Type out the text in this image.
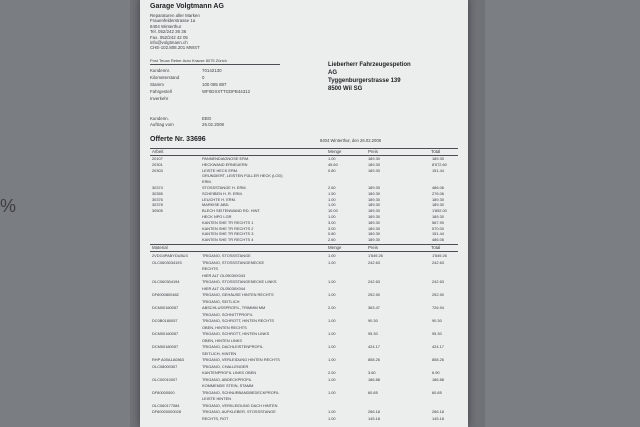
%
Garage Volgtmann AG
Reparaturen aller Marken
Frauenfelderstrasse 1a
8404 Winterthur
Tel. 052/242 36 36
Fax. 052/242 42 05
info@volgtmann.ch
CHE-102.808.201 MWST
Post Teuax Reber Auto Krause 8075 Zürich
Kundennr.	70142130
Kilometerstand	0
Stamm	100 085 887
Fahrgestell	WF0DXXTTGDFB44312
Inverkehr
Lieberherr Fahrzeugespetion
AG
Tyggenburgerstrasse 139
8500 Wil SG
Kundenn.	EBO
Auftrag vom	26.02.2008
Offerte Nr. 33696	8404 Winterthur, den 26.02.2008
Arbeit	Menge	Preis	Total
20107	PANNENDIAGNOSE ERM.	1.00	189.30	189.30
20301	HECKWAND ERNEUERN	45.60	189.30	8'572.60
20303	LEISTE HECK ERM.	0.80	189.30	151.44
GRUNDIERT, LEISTEN FÜLLER HECK (LOD)
ERM.
30374	STOSSSTANGE H. ERM.	2.60	189.30	486.06
30355	SCHEIBEN H. R. ERM.	1.50	189.30	276.06
30376	LEUCHTE H. ERM.	1.00	189.30	189.30
30378	MARKISE ABD.	1.00	189.30	189.30
30505	BLECH SEITENWAND RD. HINT.	10.00	189.30	1'892.00
HECK NPO LGR	1.00	189.30	189.30
KANTEN SHE TR RECHTS 1	3.00	189.30	567.90
KANTEN SHE TR RECHTS 2	3.00	189.30	570.00
KANTEN SHE TR RECHTS 3	0.80	189.30	151.44
KANTEN SHE TR RECHTS 4	2.60	189.30	486.06
Material	Menge	Preis	Total
2VDG4PABYDU8U3	TRIGANO, STOSSSTANGE	1.00	1'549.26	1'549.26
OLC0603034193	TRIGANO, STOSSSTANGENECKE	1.00	242.63	242.63
RECHTS
HIER ALT OL05030X043
OLC060304194	TRIGANO, STOSSSTANGENECKE LINKS	1.00	242.63	242.63
HIER ALT OL05030X044
DF8000800482	TRIGANO, GEHÄUSE HINTEN RECHTS	1.00	252.50	252.50
TRIGANO, SEITLICH
DCM00160057	ABSCHLUSSPROFIL, TRIMMM MM	2.00	363.47	726.94
TRIGANO, SCHNITTPROFIL
DC0B0180057	TRIGANO, SCHROTT, HINTEN RECHTS	1.00	90.30	90.30
OBEN, HINTEN RECHTS
DCM00160057	TRIGANO, SCHROTT, HINTEN LINKS	1.00	95.30	95.30
OBEN, HINTEN LINKS
DCM00180057	TRIGANO, DACHLEISTENPROFIL	1.00	424.17	424.17
SEITLICH, HINTEN
RHP A00A1A0863	TRIGANO, VERLEIDUNG HINTEN RECHTS	1.00	858.26	858.26
OLC08000307	TRIGANO, CHALLENGER
KANTENPROFIL LINKS OBEN	2.00	3.60	6.90
OLC00010007	TRIGANO, ABDECKPROFIL	1.00	186.88	186.88
KOMMENDE STEIN, STAMM
DF80000000	TRIGANO, SCHNURBANDBEDECKPROFIL	1.00	60.85	60.85
LEISTE HINTEN
OLC060177084	TRIGANO, VERKLEIDUNG DACH HINTEN
DF80000000028	TRIGANO, AUFKLEBER, STOSSSTANGE	1.00	266.18	266.18
RECHTS, ROT	1.00	145.18	145.18
